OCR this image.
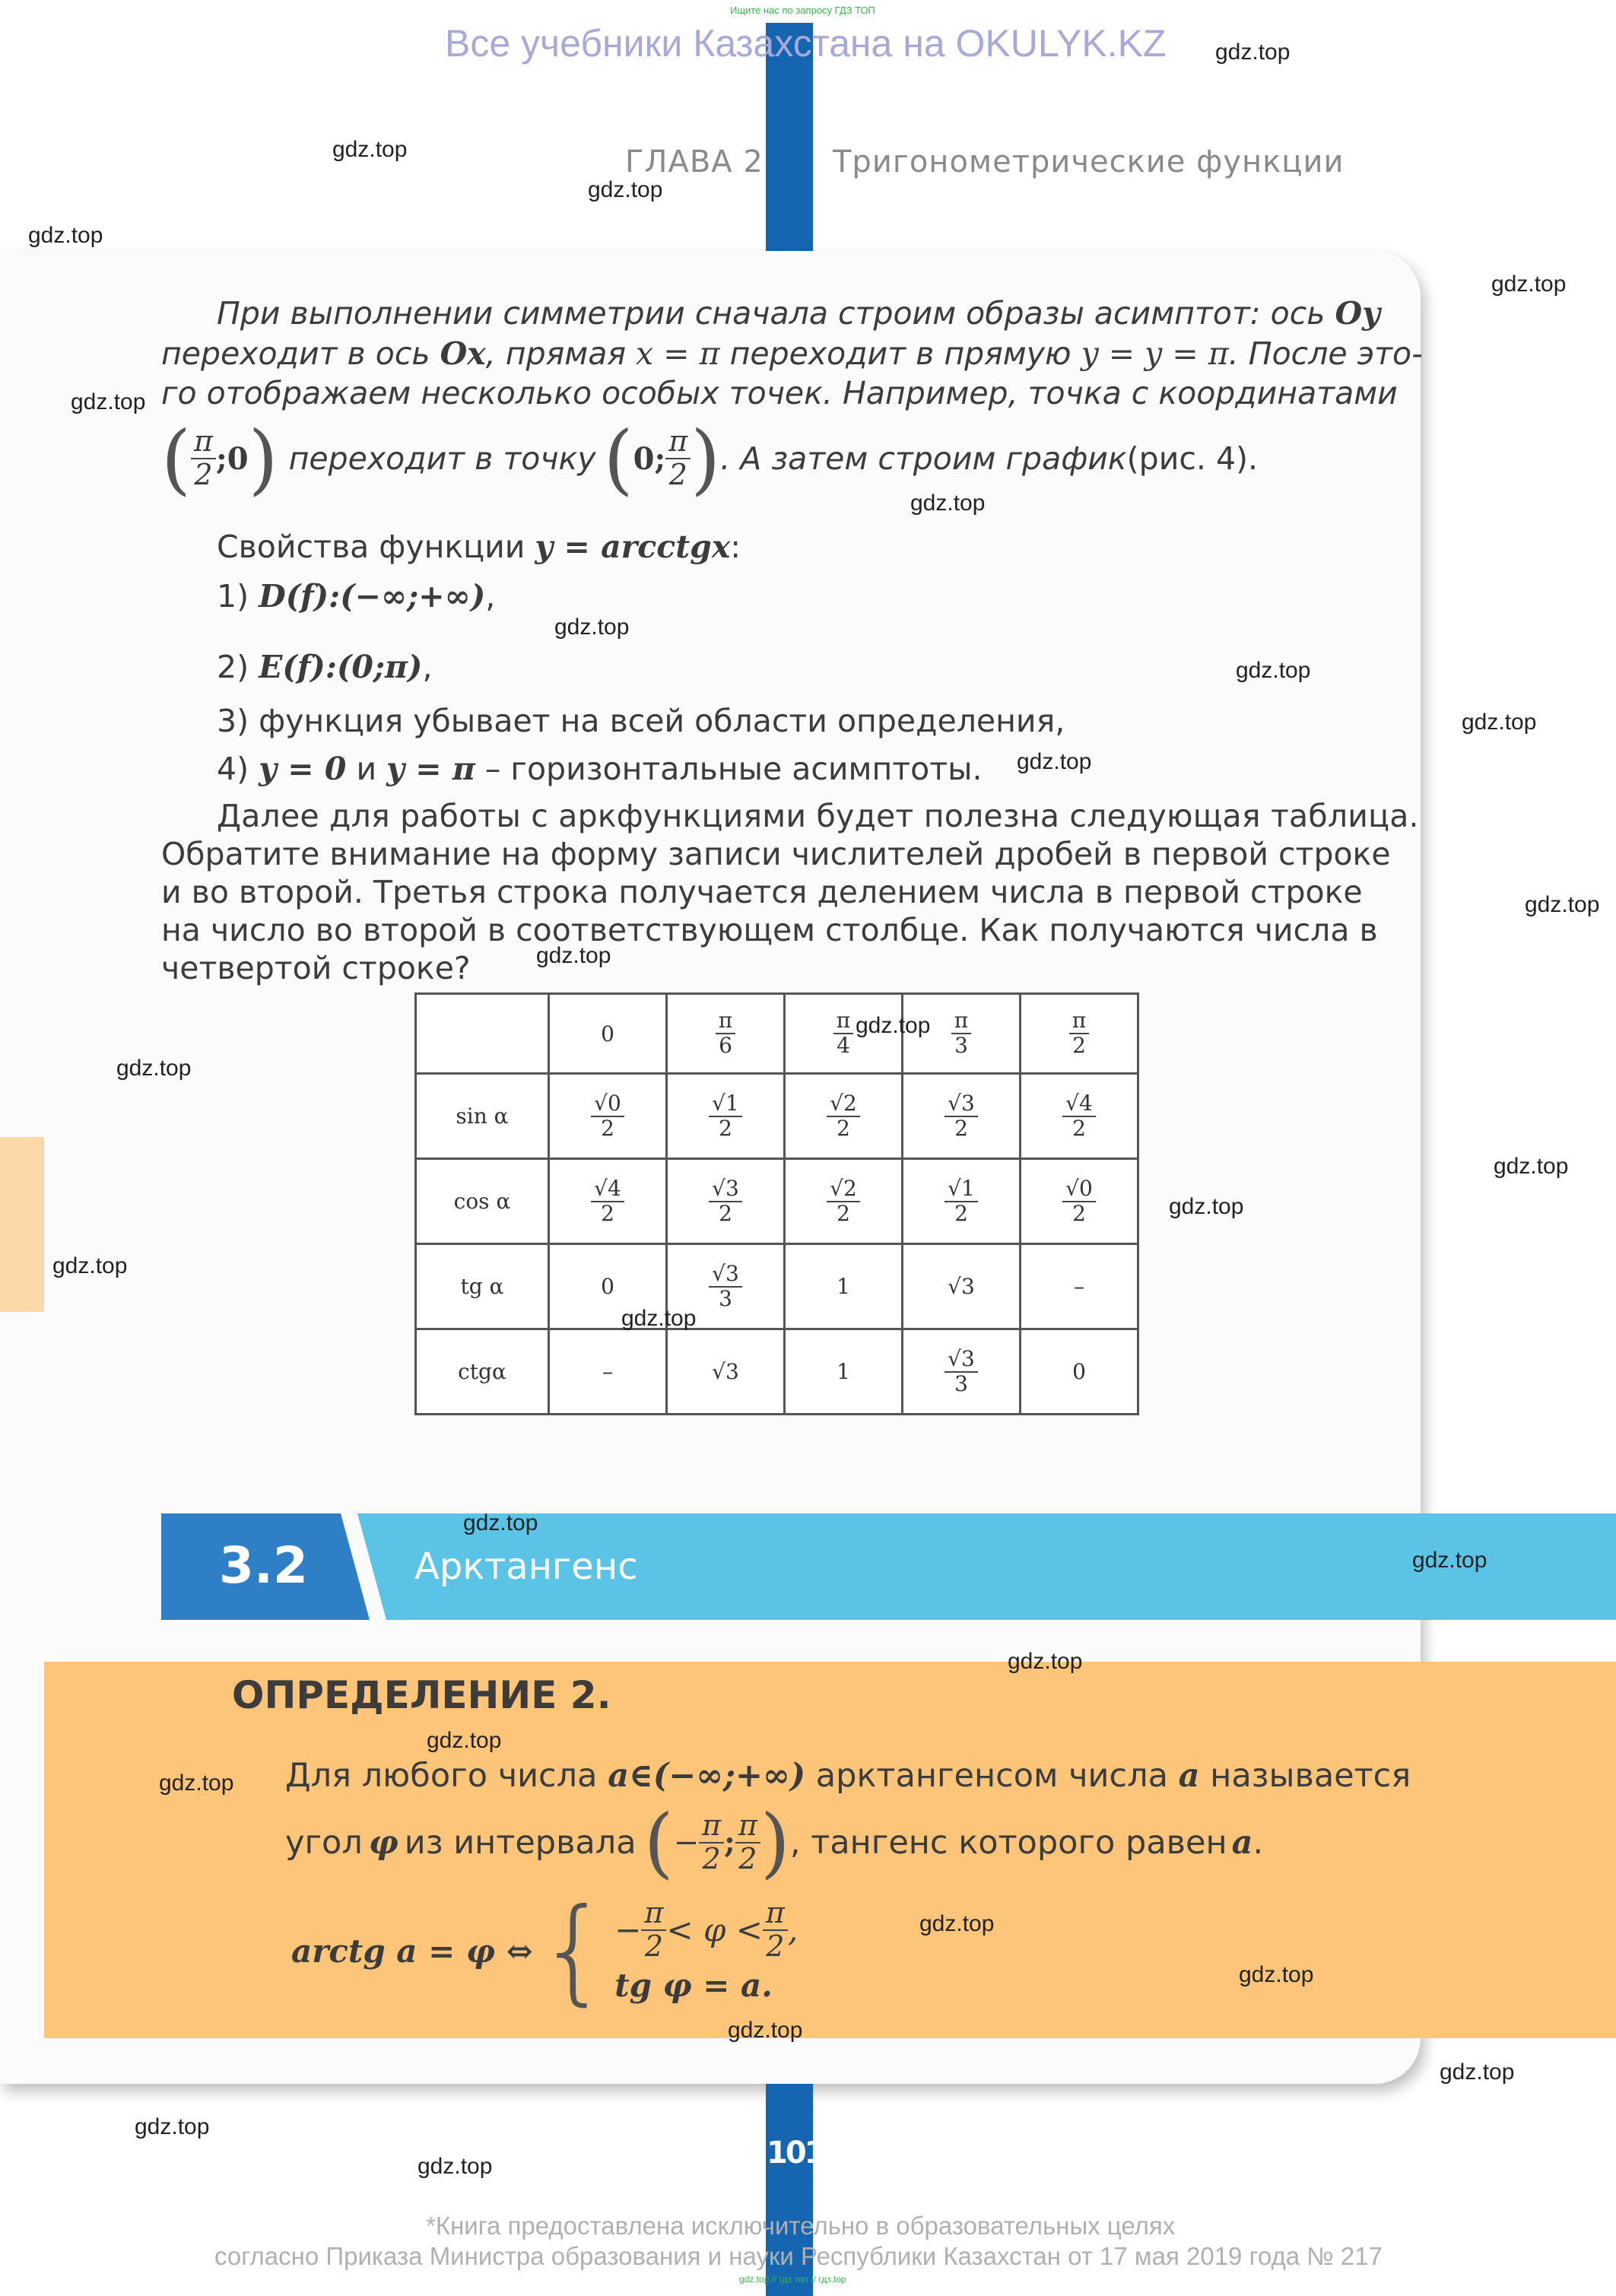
Ищите нас по запросу ГДЗ ТОП
Все учебники Казахстана на OKULYK.KZ
ГЛАВА 2 Тригонометрические функции
При выполнении симметрии сначала строим образы асимптот: ось Oy
переходит в ось Ox, прямая x = π переходит в прямую y = y = π. После это-
го отображаем несколько особых точек. Например, точка с координатами
( $\frac{\pi}{2}$ ;0 ) переходит в точку ( 0; $\frac{\pi}{2}$ ) . А затем строим график (рис. 4).
Свойства функции y = arcctgx:
1) D(f):(−∞;+∞),
2) E(f):(0;π),
3) функция убывает на всей области определения,
4) y = 0 и y = π – горизонтальные асимптоты.
Далее для работы с аркфункциями будет полезна следующая таблица.
Обратите внимание на форму записи числителей дробей в первой строке
и во второй. Третья строка получается делением числа в первой строке
на число во второй в соответствующем столбце. Как получаются числа в
четвертой строке?
	0	$\frac{\pi}{6}$	$\frac{\pi}{4}$	$\frac{\pi}{3}$	$\frac{\pi}{2}$

sin α	$\frac{√0}{2}$	$\frac{√1}{2}$	$\frac{√2}{2}$	$\frac{√3}{2}$	$\frac{√4}{2}$

cos α	$\frac{√4}{2}$	$\frac{√3}{2}$	$\frac{√2}{2}$	$\frac{√1}{2}$	$\frac{√0}{2}$

tg α	0	$\frac{√3}{3}$	1	√3	–
ctgα	–	√3	1	$\frac{√3}{3}$	0
3.2	Арктангенс
ОПРЕДЕЛЕНИЕ 2.
Для любого числа a∈(−∞;+∞) арктангенсом числа a называется
угол φ из интервала ( − $\frac{\pi}{2}$ ; $\frac{\pi}{2}$ ) , тангенс которого равен a .
arctg a = φ ⇔ { − $\frac{\pi}{2} < \varphi < \frac{\pi}{2}$ ,
tg φ = a.
101
*Книга предоставлена исключительно в образовательных целях
согласно Приказа Министра образования и науки Республики Казахстан от 17 мая 2019 года № 217
gdz.top // гдз топ // гдз.top
gdz.top
gdz.top
gdz.top
gdz.top
gdz.top
gdz.top
gdz.top
gdz.top
gdz.top
gdz.top
gdz.top
gdz.top
gdz.top
gdz.top
gdz.top
gdz.top
gdz.top
gdz.top
gdz.top
gdz.top
gdz.top
gdz.top
gdz.top
gdz.top
gdz.top
gdz.top
gdz.top
gdz.top
gdz.top
gdz.top
